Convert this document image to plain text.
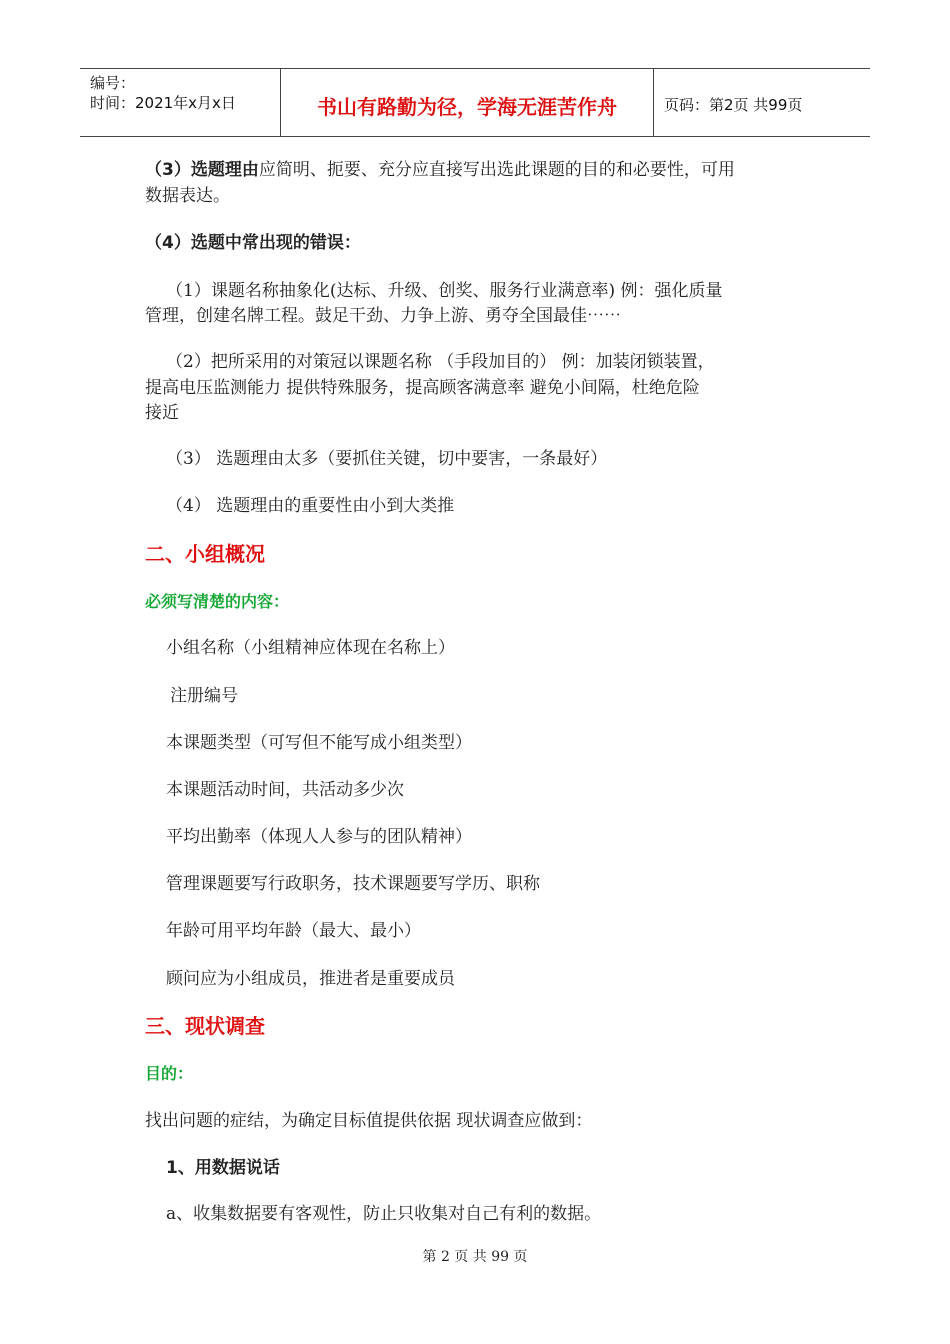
编号：
时间：2021年x月x日	书山有路勤为径，学海无涯苦作舟	页码：第2页 共99页
（3）选题理由应简明、扼要、充分应直接写出选此课题的目的和必要性，可用
数据表达。
（4）选题中常出现的错误：
（1）课题名称抽象化(达标、升级、创奖、服务行业满意率) 例：强化质量
管理，创建名牌工程。鼓足干劲、力争上游、勇夺全国最佳⋯⋯
（2）把所采用的对策冠以课题名称 （手段加目的） 例：加装闭锁装置，
提高电压监测能力 提供特殊服务，提高顾客满意率 避免小间隔，杜绝危险
接近
（3） 选题理由太多（要抓住关键，切中要害，一条最好）
（4） 选题理由的重要性由小到大类推
二、小组概况
必须写清楚的内容：
小组名称（小组精神应体现在名称上）
注册编号
本课题类型（可写但不能写成小组类型）
本课题活动时间，共活动多少次
平均出勤率（体现人人参与的团队精神）
管理课题要写行政职务，技术课题要写学历、职称
年龄可用平均年龄（最大、最小）
顾问应为小组成员，推进者是重要成员
三、现状调查
目的：
找出问题的症结，为确定目标值提供依据 现状调查应做到：
1、用数据说话
a、收集数据要有客观性，防止只收集对自己有利的数据。
第 2 页 共 99 页
